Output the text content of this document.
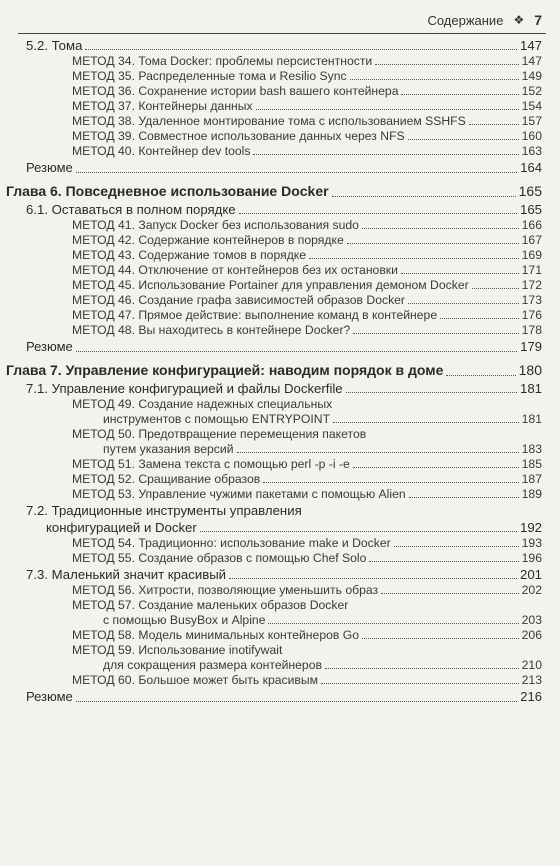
Содержание ❖ 7
5.2. Тома	147
МЕТОД 34. Тома Docker: проблемы персистентности	147
МЕТОД 35. Распределенные тома и Resilio Sync	149
МЕТОД 36. Сохранение истории bash вашего контейнера	152
МЕТОД 37. Контейнеры данных	154
МЕТОД 38. Удаленное монтирование тома с использованием SSHFS	157
МЕТОД 39. Совместное использование данных через NFS	160
МЕТОД 40. Контейнер dev tools	163
Резюме	164
Глава 6. Повседневное использование Docker	165
6.1. Оставаться в полном порядке	165
МЕТОД 41. Запуск Docker без использования sudo	166
МЕТОД 42. Содержание контейнеров в порядке	167
МЕТОД 43. Содержание томов в порядке	169
МЕТОД 44. Отключение от контейнеров без их остановки	171
МЕТОД 45. Использование Portainer для управления демоном Docker	172
МЕТОД 46. Создание графа зависимостей образов Docker	173
МЕТОД 47. Прямое действие: выполнение команд в контейнере	176
МЕТОД 48. Вы находитесь в контейнере Docker?	178
Резюме	179
Глава 7. Управление конфигурацией: наводим порядок в доме	180
7.1. Управление конфигурацией и файлы Dockerfile	181
МЕТОД 49. Создание надежных специальных
инструментов с помощью ENTRYPOINT	181
МЕТОД 50. Предотвращение перемещения пакетов
путем указания версий	183
МЕТОД 51. Замена текста с помощью perl -p -i -e	185
МЕТОД 52. Сращивание образов	187
МЕТОД 53. Управление чужими пакетами с помощью Alien	189
7.2. Традиционные инструменты управления
конфигурацией и Docker	192
МЕТОД 54. Традиционно: использование make и Docker	193
МЕТОД 55. Создание образов с помощью Chef Solo	196
7.3. Маленький значит красивый	201
МЕТОД 56. Хитрости, позволяющие уменьшить образ	202
МЕТОД 57. Создание маленьких образов Docker
с помощью BusyBox и Alpine	203
МЕТОД 58. Модель минимальных контейнеров Go	206
МЕТОД 59. Использование inotifywait
для сокращения размера контейнеров	210
МЕТОД 60. Большое может быть красивым	213
Резюме	216
